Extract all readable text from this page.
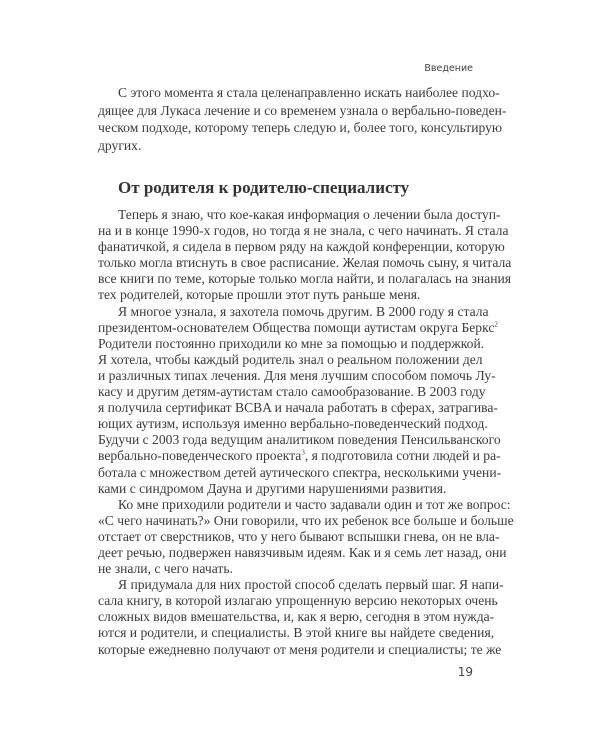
Введение
С этого момента я стала целенаправленно искать наиболее подхо-
дящее для Лукаса лечение и со временем узнала о вербально-поведен-
ческом подходе, которому теперь следую и, более того, консультирую
других.
От родителя к родителю-специалисту
Теперь я знаю, что кое-какая информация о лечении была доступ-
на и в конце 1990-х годов, но тогда я не знала, с чего начинать. Я стала
фанатичкой, я сидела в первом ряду на каждой конференции, которую
только могла втиснуть в свое расписание. Желая помочь сыну, я читала
все книги по теме, которые только могла найти, и полагалась на знания
тех родителей, которые прошли этот путь раньше меня.
Я многое узнала, я захотела помочь другим. В 2000 году я стала
президентом-основателем Общества помощи аутистам округа Беркс$^2$
Родители постоянно приходили ко мне за помощью и поддержкой.
Я хотела, чтобы каждый родитель знал о реальном положении дел
и различных типах лечения. Для меня лучшим способом помочь Лу-
касу и другим детям-аутистам стало самообразование. В 2003 году
я получила сертификат BCBA и начала работать в сферах, затрагива-
ющих аутизм, используя именно вербально-поведенческий подход.
Будучи с 2003 года ведущим аналитиком поведения Пенсильванского
вербально-поведенческого проекта$^3$, я подготовила сотни людей и ра-
ботала с множеством детей аутического спектра, несколькими учени-
ками с синдромом Дауна и другими нарушениями развития.
Ко мне приходили родители и часто задавали один и тот же вопрос:
«С чего начинать?» Они говорили, что их ребенок все больше и больше
отстает от сверстников, что у него бывают вспышки гнева, он не вла-
деет речью, подвержен навязчивым идеям. Как и я семь лет назад, они
не знали, с чего начать.
Я придумала для них простой способ сделать первый шаг. Я напи-
сала книгу, в которой излагаю упрощенную версию некоторых очень
сложных видов вмешательства, и, как я верю, сегодня в этом нужда-
ются и родители, и специалисты. В этой книге вы найдете сведения,
которые ежедневно получают от меня родители и специалисты; те же
19
